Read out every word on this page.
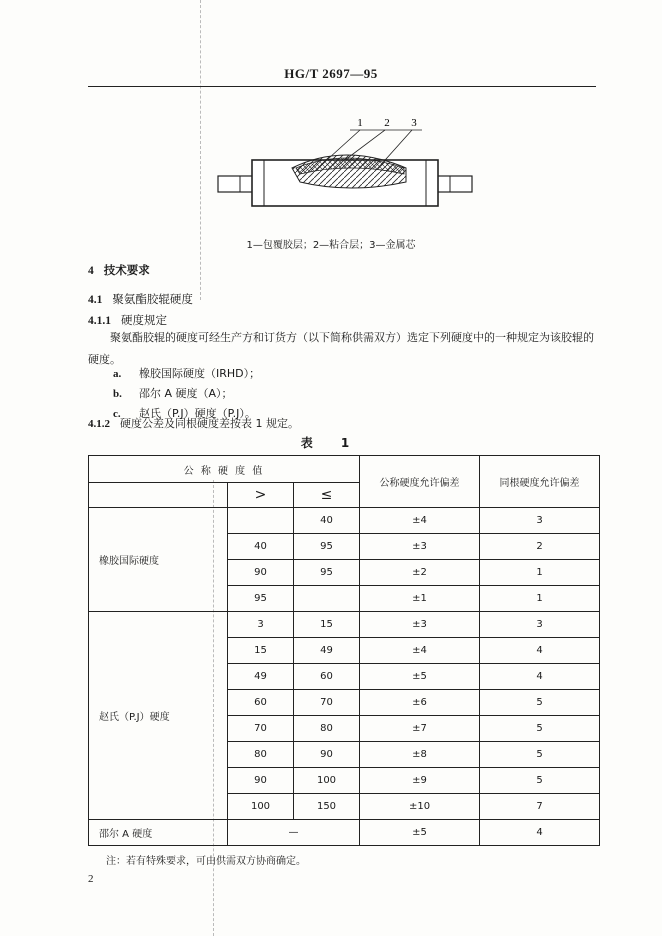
HG/T 2697—95
1 2 3
1—包覆胶层；2—粘合层；3—金属芯
4 技术要求
4.1 聚氨酯胶辊硬度
4.1.1 硬度规定
聚氨酯胶辊的硬度可经生产方和订货方（以下简称供需双方）选定下列硬度中的一种规定为该胶辊的硬度。
a. 橡胶国际硬度（IRHD）；
b. 邵尔 A 硬度（A）；
c. 赵氏（P.J）硬度（P.J）。
4.1.2 硬度公差及同根硬度差按表 1 规定。
表 1
公 称 硬 度 值			公称硬度允许偏差	同根硬度允许偏差
	>	≤		
橡胶国际硬度		40	±4	3
	40	95	±3	2
	90	95	±2	1
	95		±1	1
赵氏（P.J）硬度	3	15	±3	3
	15	49	±4	4
	49	60	±5	4
	60	70	±6	5
	70	80	±7	5
	80	90	±8	5
	90	100	±9	5
	100	150	±10	7
邵尔 A 硬度	—		±5	4
注：若有特殊要求，可由供需双方协商确定。
2
